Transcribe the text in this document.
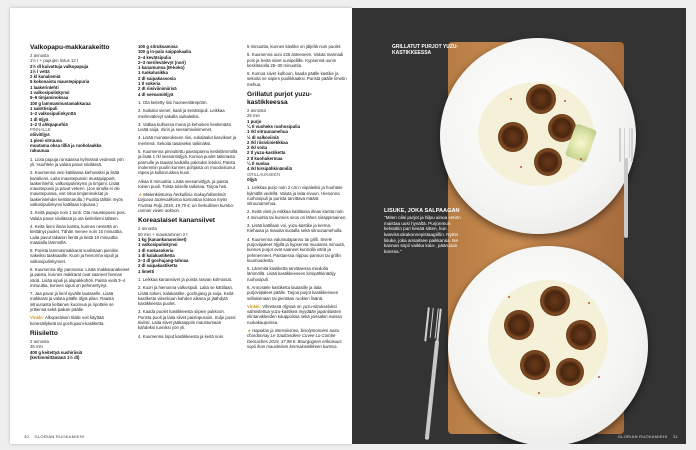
Valkopapu-makkarakeitto
2 annosta
1½ t + papujen liotus 12 t
2½ dl kuivattuja valkopapuja
1½ l vettä
2 kl kanaliemiä
5 kokonaista maustepippuria
1 laakerinlehti
1 valkosipulinkynsi
5–6 timjaminoksaa
100 g lammasmustamakkaraa
1 salottisipuli
1–2 valkosipulinkynttä
1 dl öljyä
1–2 tl ahkpapurhiä
PINNALLE
oliiviöljyä
1 pieni sitruuna
muutama oksa tilliä ja ruoholaukka
rakuunaa

1. Liota papuja runsaassa kylmässä vedessä yön yli. Huuhtele ja valuta pavut siivilässä.

2. Kuumenna vesi kattilassa kiehuvaksi ja lisää kanaliemi. Laita maustepussin mustapippurit, laakerinlehti, valkosipulinkynsi ja timjami. Lisää maustepussi ja pavut veteen. (Jos sinulla ei ole maustepussia, voit sitoa timjaminoksat ja laakerinlehdet keittiönarulla.) Puolita tällöin myös valkosipulinkynsi kattilaan lopussa.)

3. Keitä papuja noin 1 tunti. Ota maustepussi pois. Valuta pavut siivilässä ja ota keitinliemi talteen.

4. Keitä liemi ilman kantta, kunnes nestettä on keittänyt puolet. Tähän menee noin 15 minuuttia. Laita pavut takaisin lientä ja keitä 10 minuuttia matalalla lämmöllä.

5. Purista lammasmakkarat suolistaan pienikin nakeiksi taaksaaille. Kuori ja hienonna sipuli ja valkosipulinkynnet.

6. Kuumenna öljy pannussa. Lisää makkaranakeiset ja paista, kunnes makkarat ovat saaneet hieman väriä. Lisää sipuli ja alapakkohöli. Paista vielä 3–4 minuuttia, kunnes sipuli on pehmentynyt.

7. Jaa pavut ja lienl syvälle lautaselle. Lisää makkarat ja valuta päälle öljyä pilan. Raasta sitruunasta keltainen kuorivua ja ripottele se yrttiensä sekä paikan päälle.

Vinkki: Alkuperäisen tilalle voit käyttää konesäilyketä tai gochujuuni-kastiketta.

Riisiletto
2 annosta
35 min
400 g keitettyä sushiriisiä
(kertimmittämänä 1½ dl)
100 g sitruksamisia
100 g in-pala saippokaalia
2–4 kevätsipulia
2–3 merilevälevyt (nori)
1 kanamunna (M-koko)
1 ruokalusikka
2 dl saipakassosia
1 tl sokeria
2 dl riisiviinimiirisä
4 dl seesamiöljyä

1. Ota keitetty riisi huoneenlämpöön.

2. Suikaloi sienet, kaali ja kevätsipuli. Leikkaa merilevälevyt sakalla suikaleiksi.

3. Vatkaa kulhossa muna ja kehuinen keskenään. Lisää soija, mirin ja seesamiviinimenet.

4. Lisää munaseokseen riisi, sukalaalut kasvikset ja meriIevä. Sekoita tasaiseksi taikinaksi.

5. Kuumenna pinnoitettu paistopannu keskilämmöllä ja lisää 1 rkl seesamiöljyä. Kumoa puolet taikinasta pannulle ja taaotai lusikalla paksuksi letuksi. Paista molemmin puolin kunnes pohjasta on muodostunut rapea ja kullanruskea kuori.

Aikaa 5 minuuttia. Lisää seesamiöljyä, ja paista toinen puoli. Toista toiselle taikinaa. Tarjoa heti.

★ Mielenkiintoisia herkullisia makuyhdistelmiä tarjoava tuotevalikoima kannattaa katsoa myös Frutista Pulp 2018, 19,75 €, on herkullinen kumbo-rannan vivien ankoon.

Koreaslaiset kanansiivet
2 annosta
50 min + maustaminen 2 t
1 kg (kanankanansiivet)
1 valkosipulinkynsi
1 dl ruokasokeria
1 dl kalakastiketta
2–3 dl gochujang-tahnaa
2 dl saipakastiketta
1 limetti

1. Leikkaa kanansiivet ja poista rasvan kolmiosat.

2. Kuori ja hienonna valkosipuli. Laita se kattilaan. Lisää sokeri, kalakastike, gochujang ja soija. Keitä kastiketta viitenkuun kahden aikana ja jäähdytä kastikkeesta puolet.

3. Kaada puolet kastikkeesta siipien pukkoon. Purista puoli ja laita siivet paistopussiin. Sulje pussi tiiviisti. Laita siivet jääkaappiin maustumaan kahdeksi tunniksi yön yli.

4. Kuumenna loput kastikkeesta ja keitä noin

5 minuuttia, kunnes kastike on jäljellä noin puolet.

5. Kuumenna uuni 225 asteeseen. Valuta marinadi pois ja levitä siivet uunipellille. Kypsennä uunin keskitasolla 25–30 minuuttia.

6. Kumoa siivet kulhoon, kaada päälle kastike ja sekoita ne siipien puolikkaaksi. Purista päälle limetin mehua.

Grillatut purjot yuzu-kastikkeessa
2 annosta
25 min
1 purjo
¼ tl vuoheks ruohosipulia
1 rkl sitruunamehua
½ dl valkoviiniä
2 rkl riisiviinietikkaa
2 rkl voita
2 tl yuzu-kastiketta
2 tl kuohukermaa
¼ tl suolaa
4 rkl kirsipähkinämiliä
GRILLAUKSEEN
öljyä

1. Leikkaa purjo noin 2 cm:n viipaleiksi ja huuhtele kylmällä vedellä. Valuta ja laita sivuun. Hienonna ruohosipuli ja purista tarvittava määrä sitruunamehua.

2. Keitä viinit ja etikkaa kattilassa ilman kantta noin 4 minuuttia tai kunnes seos on lähes siirappimainen.

3. Lisää kattilaan voi, yuzu-kastike ja kerma. Kiehauta ja mausta suolalla sekä sitruunamehulla.

4. Kuumenna valurautapannu tai grilli. Sivele purjoviipaleet öljyllä ja kypsennä muutama minuutti, kunnes purjot ovat saaneet kunnolla väriä ja pehmenneet. Paistaessa riippuu pannun tai grillin kuumuudesta.

5. Lämmitä kastiketta tarvittaessa miedolla lämmöllä. Lisää kastikkeeseen kirsipähkinäöljy ruohosipuli.

6. Annostele kastiketta lautasille ja laita purjoviipaleet päälle. Tarjoa purjot kastikkeineen sellaisenaan tai pientäan ruokien lisänä.

Vinkki: Vihreässä öljyssä on yuzu-sitrukseluksi valmistettua yuzu-kastikea myydään japanilaisten elintarvikkeiden kauppoissa sekä joissakin isoissa ruokakaupoissa.

★ Hapokas ja intensiivinen, bisolymonnien tuotu chardonnay Le Saultandiere Cuvee Lo Combe Deoraches 2019, 37,98 €. Bourgognen erikoisuus sopii ihan mausteisen kermakastikkeen kanssa.

30 GLORIAN RUOKAMIEHI
GRILLATUT PURJOT YUZU-KASTIKKEESSA
LISUKE, JOKA SALPAAGAN
"Miten olisi purjot ja hilpu ainoa vetiön maistaa uusi hyvältä. Purjonmun kelvattiin pari kesää sitten, kun kasvisruokakonnepistaagrillin. Nyttei lisuke, joka ansaitsee paikkansa. Ne kannan sopii vaikka kala-, pääruoan kanssa."
GLORIAN RUOKAMIEHI 31
